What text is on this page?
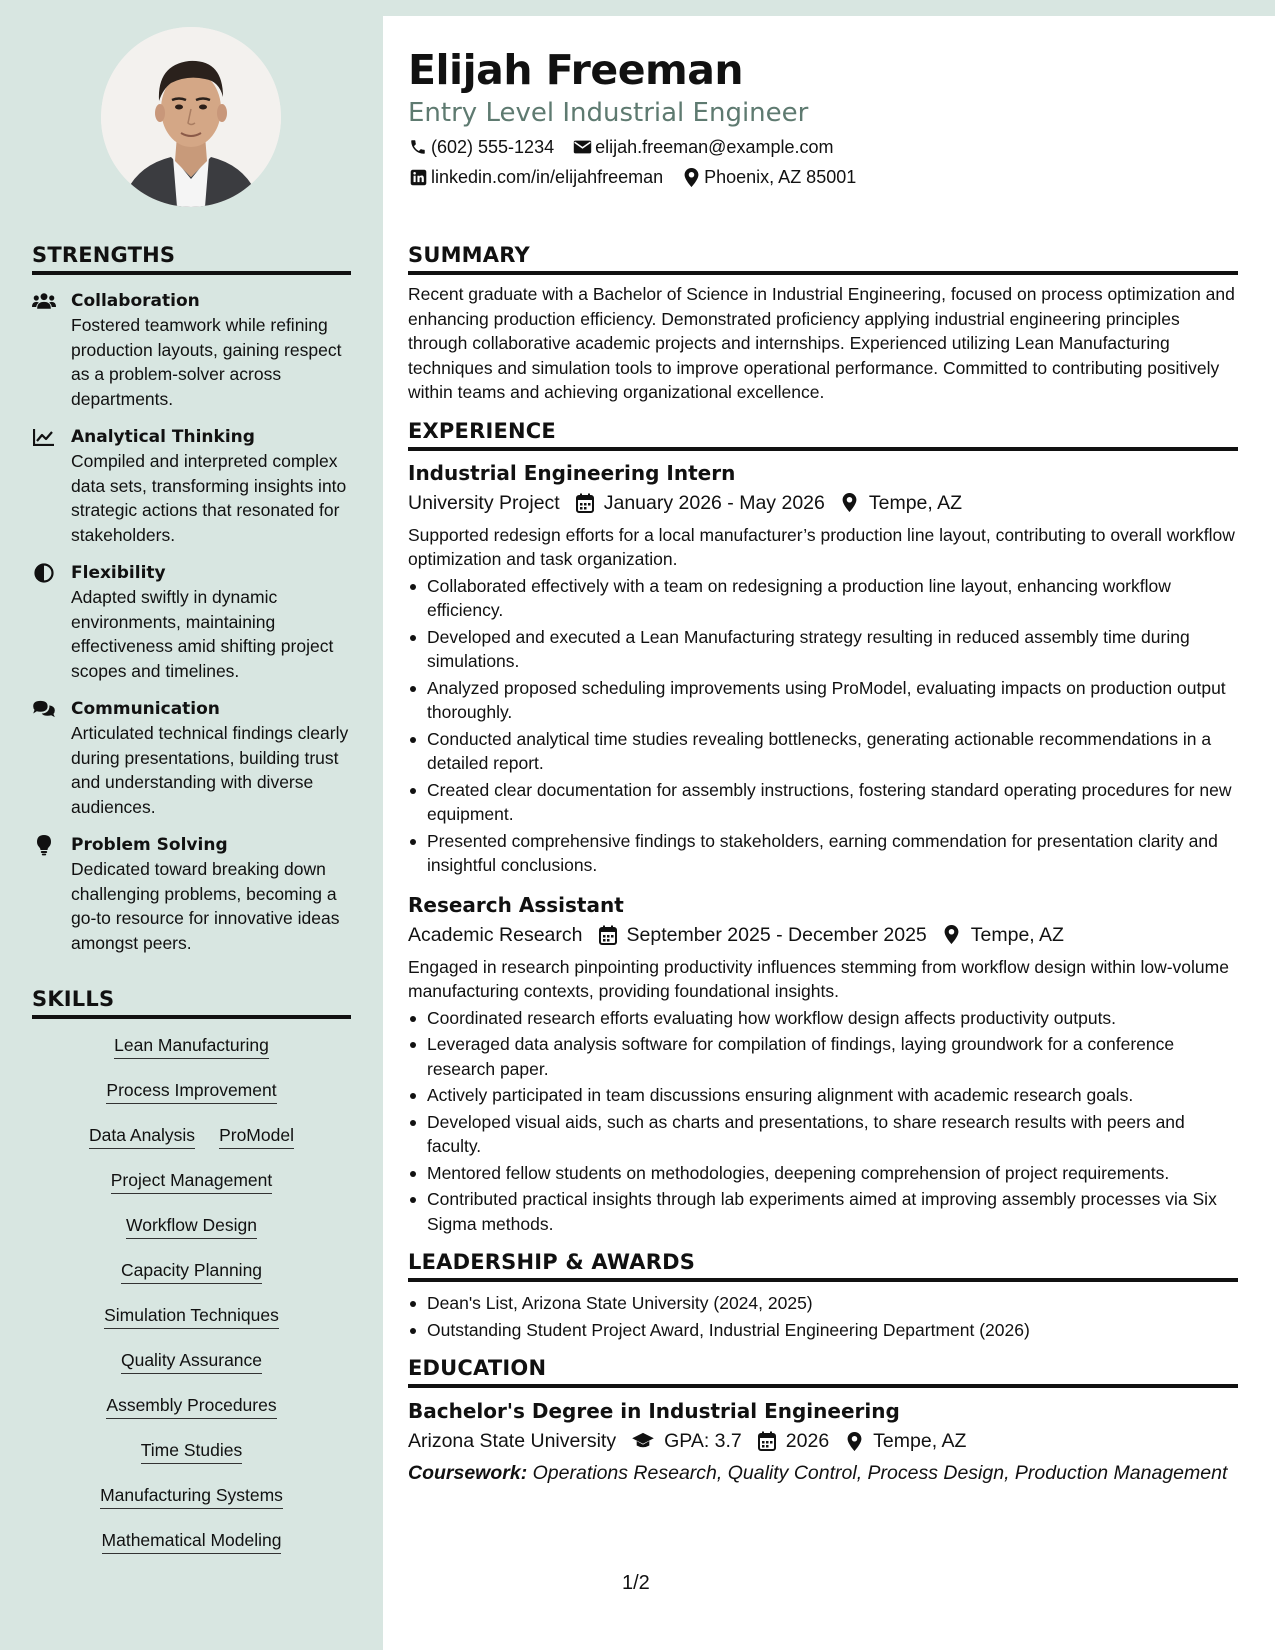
STRENGTHS
Collaboration
Fostered teamwork while refining production layouts, gaining respect as a problem-solver across departments.
Analytical Thinking
Compiled and interpreted complex data sets, transforming insights into strategic actions that resonated for stakeholders.
Flexibility
Adapted swiftly in dynamic environments, maintaining effectiveness amid shifting project scopes and timelines.
Communication
Articulated technical findings clearly during presentations, building trust and understanding with diverse audiences.
Problem Solving
Dedicated toward breaking down challenging problems, becoming a go-to resource for innovative ideas amongst peers.
SKILLS
Lean Manufacturing
Process Improvement
Data Analysis ProModel
Project Management
Workflow Design
Capacity Planning
Simulation Techniques
Quality Assurance
Assembly Procedures
Time Studies
Manufacturing Systems
Mathematical Modeling
Elijah Freeman
Entry Level Industrial Engineer
(602) 555-1234 elijah.freeman@example.com
linkedin.com/in/elijahfreeman Phoenix, AZ 85001
SUMMARY
Recent graduate with a Bachelor of Science in Industrial Engineering, focused on process optimization and enhancing production efficiency. Demonstrated proficiency applying industrial engineering principles through collaborative academic projects and internships. Experienced utilizing Lean Manufacturing techniques and simulation tools to improve operational performance. Committed to contributing positively within teams and achieving organizational excellence.
EXPERIENCE
Industrial Engineering Intern
University Project January 2026 - May 2026 Tempe, AZ
Supported redesign efforts for a local manufacturer’s production line layout, contributing to overall workflow optimization and task organization.
Collaborated effectively with a team on redesigning a production line layout, enhancing workflow efficiency.
Developed and executed a Lean Manufacturing strategy resulting in reduced assembly time during simulations.
Analyzed proposed scheduling improvements using ProModel, evaluating impacts on production output thoroughly.
Conducted analytical time studies revealing bottlenecks, generating actionable recommendations in a detailed report.
Created clear documentation for assembly instructions, fostering standard operating procedures for new equipment.
Presented comprehensive findings to stakeholders, earning commendation for presentation clarity and insightful conclusions.
Research Assistant
Academic Research September 2025 - December 2025 Tempe, AZ
Engaged in research pinpointing productivity influences stemming from workflow design within low-volume manufacturing contexts, providing foundational insights.
Coordinated research efforts evaluating how workflow design affects productivity outputs.
Leveraged data analysis software for compilation of findings, laying groundwork for a conference research paper.
Actively participated in team discussions ensuring alignment with academic research goals.
Developed visual aids, such as charts and presentations, to share research results with peers and faculty.
Mentored fellow students on methodologies, deepening comprehension of project requirements.
Contributed practical insights through lab experiments aimed at improving assembly processes via Six Sigma methods.
LEADERSHIP & AWARDS
Dean's List, Arizona State University (2024, 2025)
Outstanding Student Project Award, Industrial Engineering Department (2026)
EDUCATION
Bachelor's Degree in Industrial Engineering
Arizona State University GPA: 3.7 2026 Tempe, AZ
Coursework: Operations Research, Quality Control, Process Design, Production Management
1/2
